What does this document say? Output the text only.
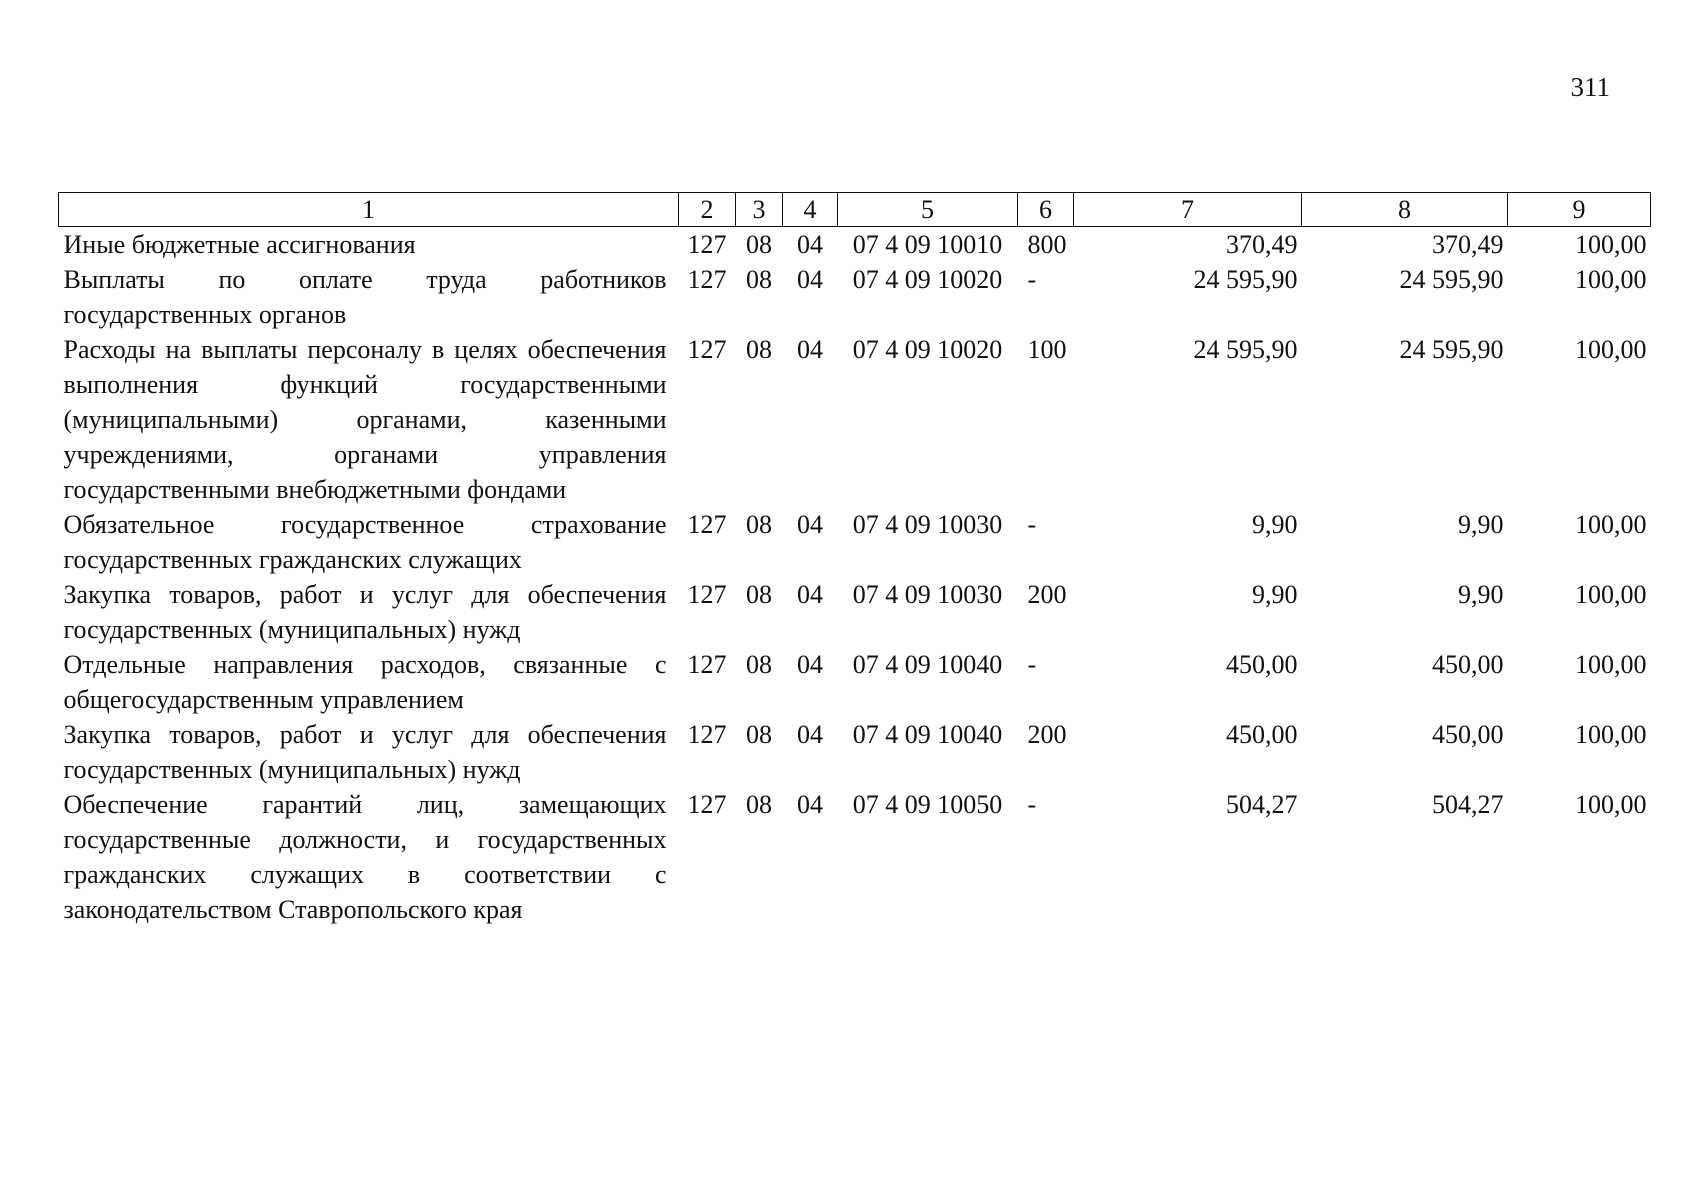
311
1	2	3	4	5	6	7	8	9
Иные бюджетные ассигнования	127	08	04	07 4 09 10010	800	370,49	370,49	100,00
Выплаты по оплате труда работников государственных органов	127	08	04	07 4 09 10020	-	24 595,90	24 595,90	100,00
Расходы на выплаты персоналу в целях обеспечения выполнения функций государственными (муниципальными) органами, казенными учреждениями, органами управления государственными внебюджетными фондами	127	08	04	07 4 09 10020	100	24 595,90	24 595,90	100,00
Обязательное государственное страхование государственных гражданских служащих	127	08	04	07 4 09 10030	-	9,90	9,90	100,00
Закупка товаров, работ и услуг для обеспечения государственных (муниципальных) нужд	127	08	04	07 4 09 10030	200	9,90	9,90	100,00
Отдельные направления расходов, связанные с общегосударственным управлением	127	08	04	07 4 09 10040	-	450,00	450,00	100,00
Закупка товаров, работ и услуг для обеспечения государственных (муниципальных) нужд	127	08	04	07 4 09 10040	200	450,00	450,00	100,00
Обеспечение гарантий лиц, замещающих государственные должности, и государственных гражданских служащих в соответствии с законодательством Ставропольского края	127	08	04	07 4 09 10050	-	504,27	504,27	100,00
